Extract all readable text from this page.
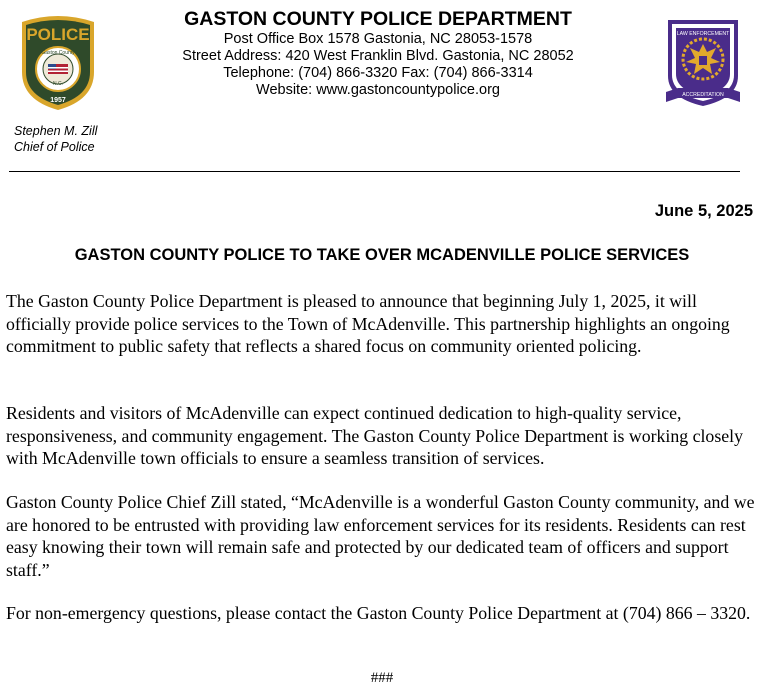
POLICE
Gaston County
N.C.
1957
Stephen M. Zill
Chief of Police
GASTON COUNTY POLICE DEPARTMENT
Post Office Box 1578 Gastonia, NC 28053-1578
Street Address: 420 West Franklin Blvd. Gastonia, NC 28052
Telephone: (704) 866-3320 Fax: (704) 866-3314
Website: www.gastoncountypolice.org
LAW ENFORCEMENT
ACCREDITATION
June 5, 2025
GASTON COUNTY POLICE TO TAKE OVER MCADENVILLE POLICE SERVICES

The Gaston County Police Department is pleased to announce that beginning July 1, 2025, it will officially provide police services to the Town of McAdenville. This partnership highlights an ongoing commitment to public safety that reflects a shared focus on community oriented policing.

Residents and visitors of McAdenville can expect continued dedication to high-quality service, responsiveness, and community engagement. The Gaston County Police Department is working closely with McAdenville town officials to ensure a seamless transition of services.

Gaston County Police Chief Zill stated, “McAdenville is a wonderful Gaston County community, and we are honored to be entrusted with providing law enforcement services for its residents. Residents can rest easy knowing their town will remain safe and protected by our dedicated team of officers and support staff.”

For non-emergency questions, please contact the Gaston County Police Department at (704) 866 – 3320.

###
